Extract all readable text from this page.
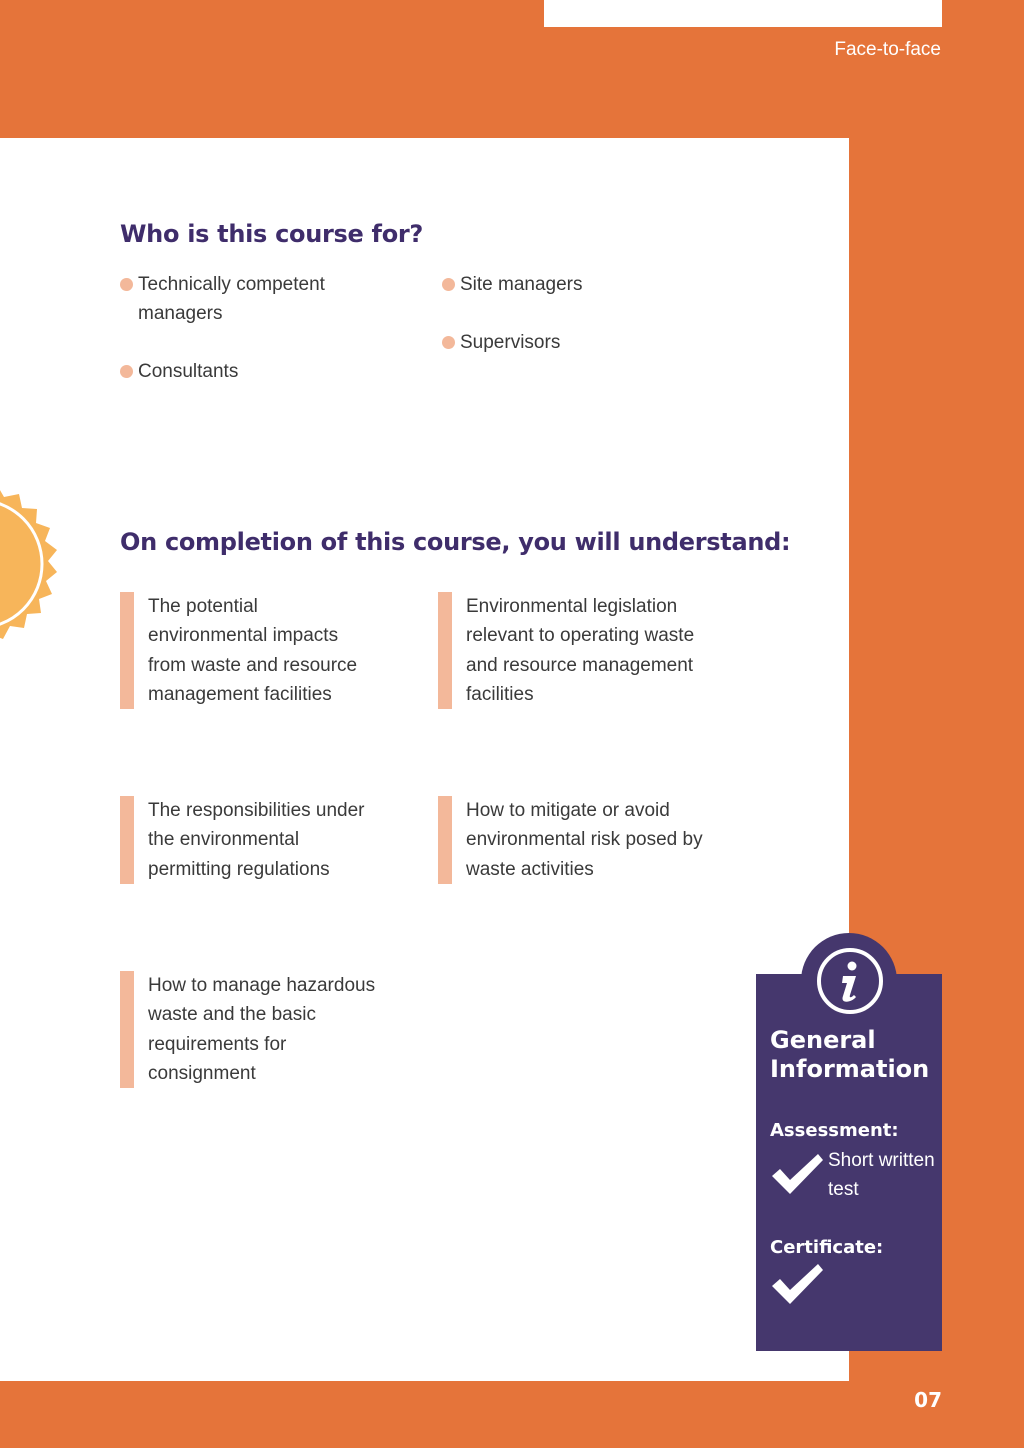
Face-to-face
Who is this course for?
Technically competent managers
Consultants
Site managers
Supervisors
On completion of this course, you will understand:
The potential environmental impacts from waste and resource management facilities
Environmental legislation relevant to operating waste and resource management facilities
The responsibilities under the environmental permitting regulations
How to mitigate or avoid environmental risk posed by waste activities
How to manage hazardous waste and the basic requirements for consignment
General Information
Assessment:
Short written test
Certificate:
07
